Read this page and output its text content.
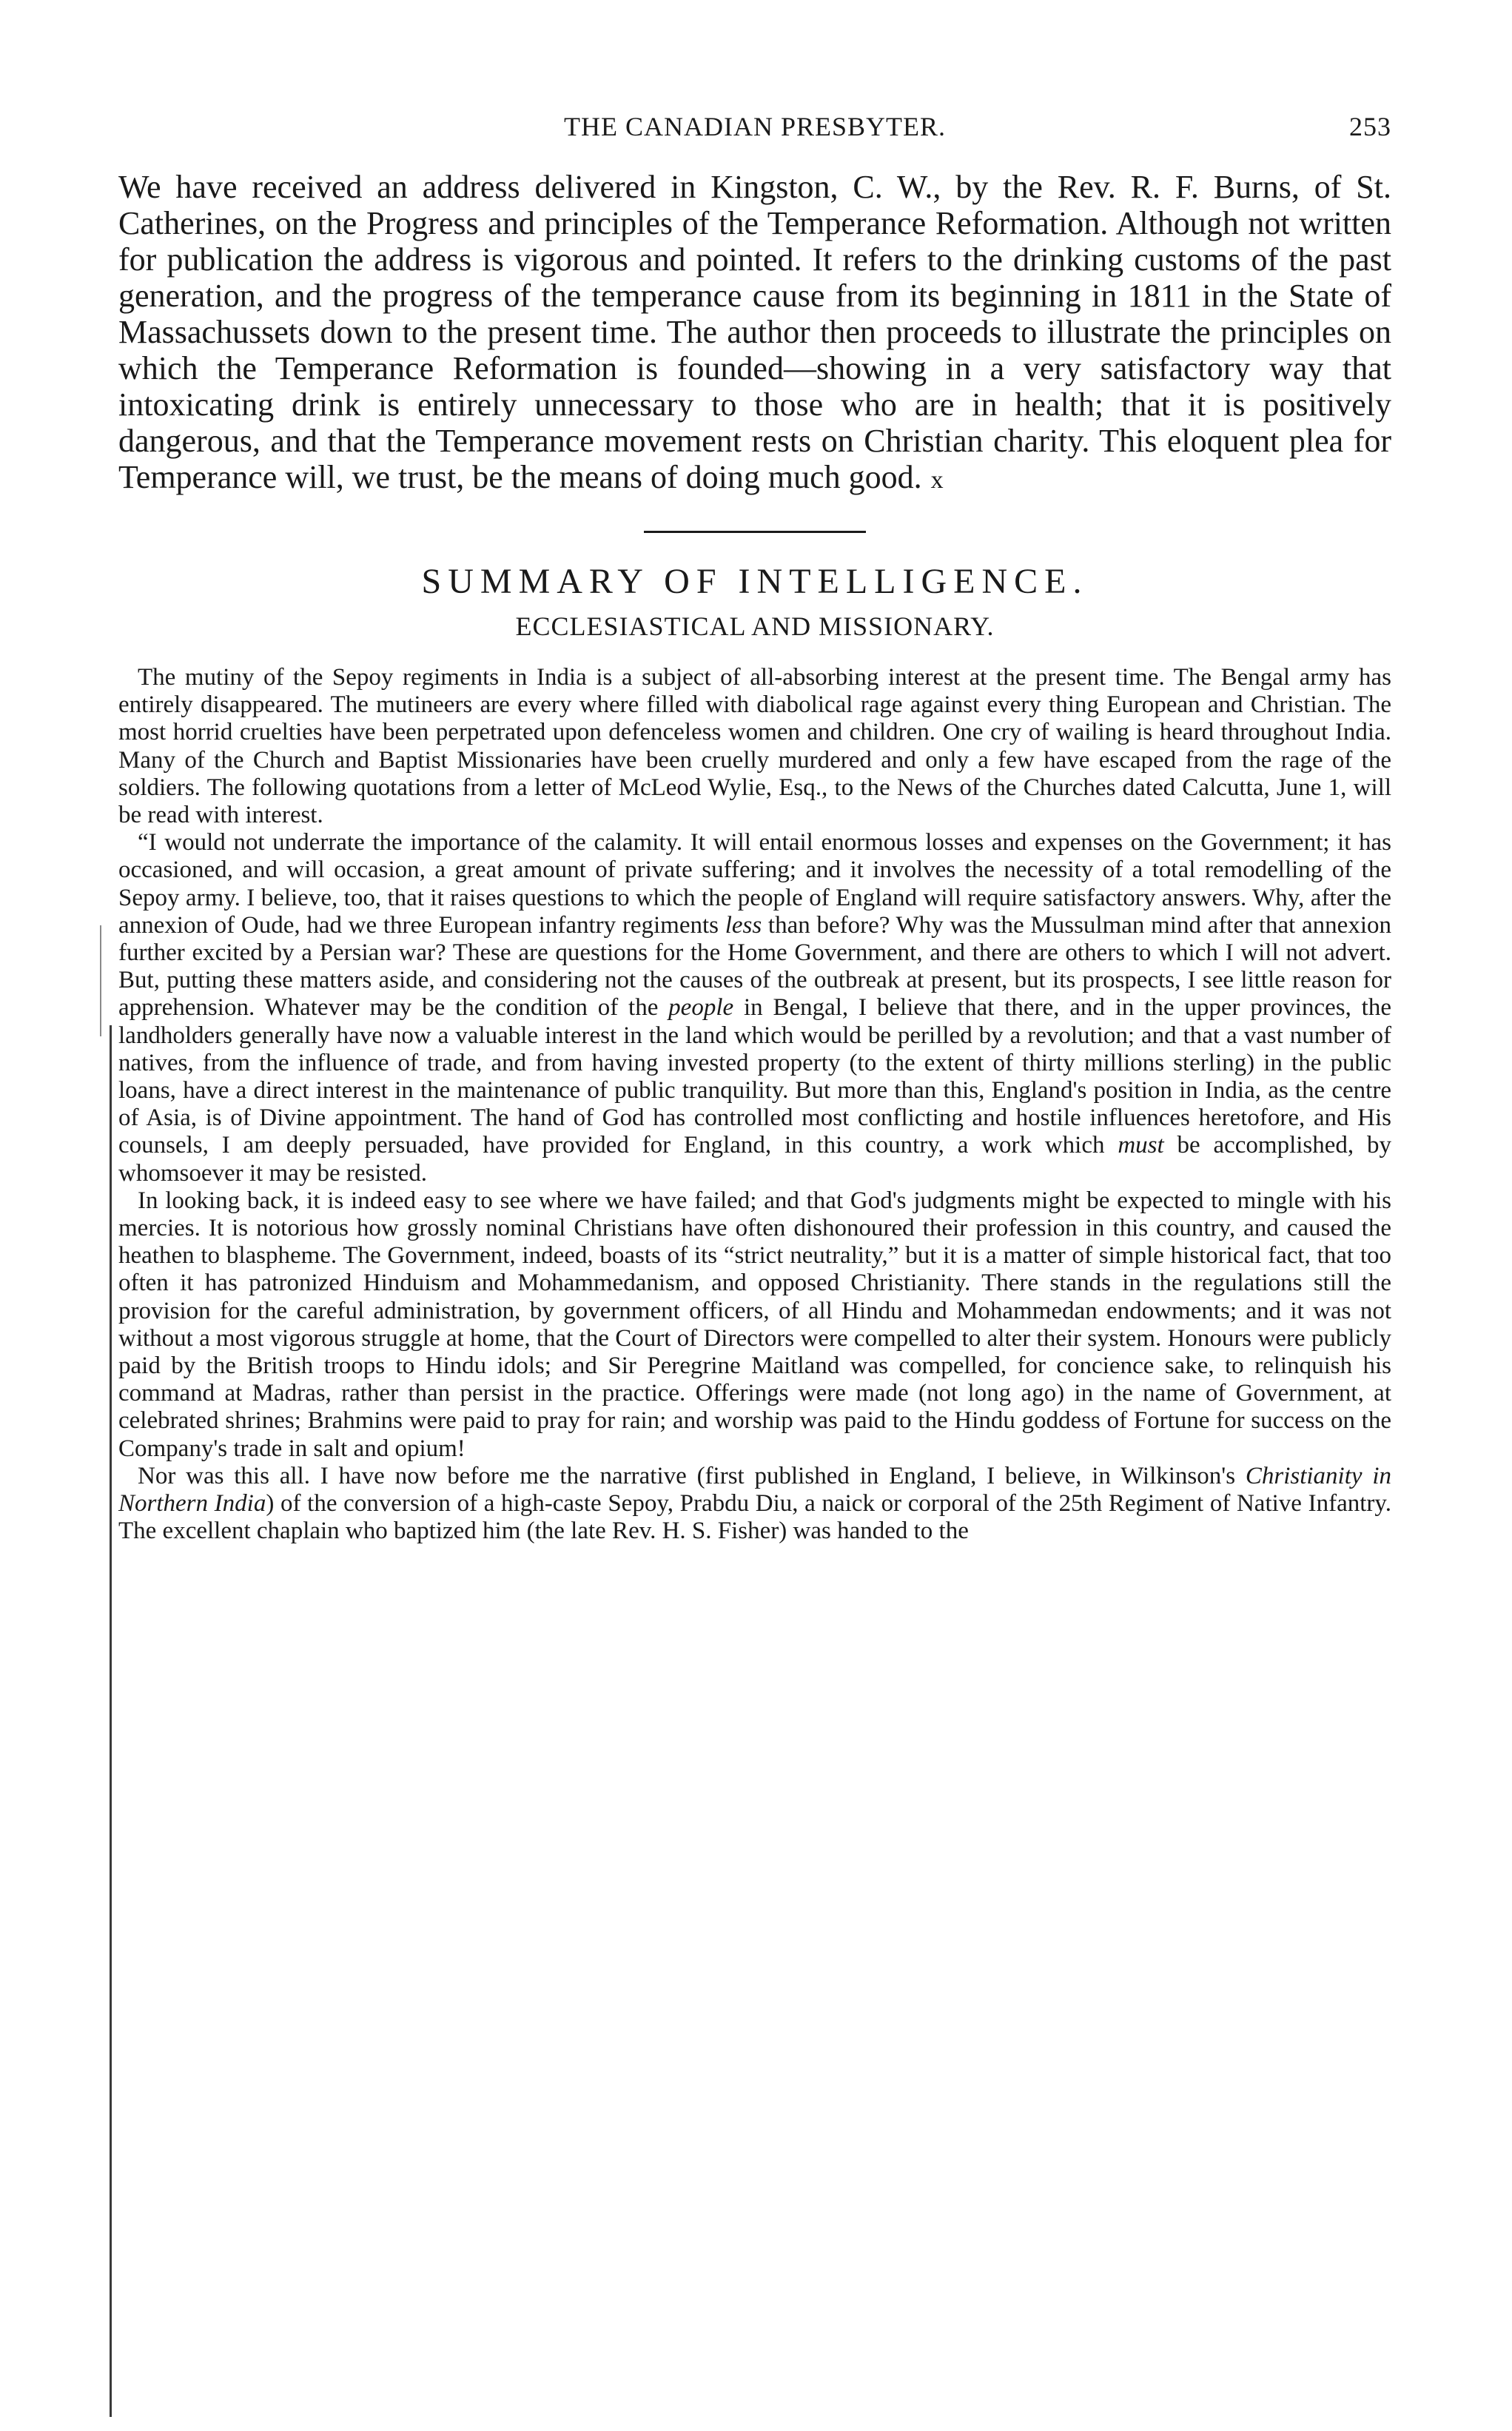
THE CANADIAN PRESBYTER.	253

We have received an address delivered in Kingston, C. W., by the Rev. R. F. Burns, of St. Catherines, on the Progress and principles of the Temperance Reformation. Although not written for publication the address is vigorous and pointed. It refers to the drinking customs of the past generation, and the progress of the temperance cause from its beginning in 1811 in the State of Massachussets down to the present time. The author then proceeds to illustrate the principles on which the Temperance Reformation is founded—showing in a very satisfactory way that intoxicating drink is entirely unnecessary to those who are in health; that it is positively dangerous, and that the Temperance movement rests on Christian charity. This eloquent plea for Temperance will, we trust, be the means of doing much good. x

SUMMARY OF INTELLIGENCE.
ECCLESIASTICAL AND MISSIONARY.

The mutiny of the Sepoy regiments in India is a subject of all-absorbing interest at the present time. The Bengal army has entirely disappeared. The mutineers are every where filled with diabolical rage against every thing European and Christian. The most horrid cruelties have been perpetrated upon defenceless women and children. One cry of wailing is heard throughout India. Many of the Church and Baptist Missionaries have been cruelly murdered and only a few have escaped from the rage of the soldiers. The following quotations from a letter of McLeod Wylie, Esq., to the News of the Churches dated Calcutta, June 1, will be read with interest.

“I would not underrate the importance of the calamity. It will entail enormous losses and expenses on the Government; it has occasioned, and will occasion, a great amount of private suffering; and it involves the necessity of a total remodelling of the Sepoy army. I believe, too, that it raises questions to which the people of England will require satisfactory answers. Why, after the annexion of Oude, had we three European infantry regiments less than before? Why was the Mussulman mind after that annexion further excited by a Persian war? These are questions for the Home Government, and there are others to which I will not advert. But, putting these matters aside, and considering not the causes of the outbreak at present, but its prospects, I see little reason for apprehension. Whatever may be the condition of the people in Bengal, I believe that there, and in the upper provinces, the landholders generally have now a valuable interest in the land which would be perilled by a revolution; and that a vast number of natives, from the influence of trade, and from having invested property (to the extent of thirty millions sterling) in the public loans, have a direct interest in the maintenance of public tranquility. But more than this, England's position in India, as the centre of Asia, is of Divine appointment. The hand of God has controlled most conflicting and hostile influences heretofore, and His counsels, I am deeply persuaded, have provided for England, in this country, a work which must be accomplished, by whomsoever it may be resisted.

In looking back, it is indeed easy to see where we have failed; and that God's judgments might be expected to mingle with his mercies. It is notorious how grossly nominal Christians have often dishonoured their profession in this country, and caused the heathen to blaspheme. The Government, indeed, boasts of its “strict neutrality,” but it is a matter of simple historical fact, that too often it has patronized Hinduism and Mohammedanism, and opposed Christianity. There stands in the regulations still the provision for the careful administration, by government officers, of all Hindu and Mohammedan endowments; and it was not without a most vigorous struggle at home, that the Court of Directors were compelled to alter their system. Honours were publicly paid by the British troops to Hindu idols; and Sir Peregrine Maitland was compelled, for concience sake, to relinquish his command at Madras, rather than persist in the practice. Offerings were made (not long ago) in the name of Government, at celebrated shrines; Brahmins were paid to pray for rain; and worship was paid to the Hindu goddess of Fortune for success on the Company's trade in salt and opium!

Nor was this all. I have now before me the narrative (first published in England, I believe, in Wilkinson's Christianity in Northern India) of the conversion of a high-caste Sepoy, Prabdu Diu, a naick or corporal of the 25th Regiment of Native Infantry. The excellent chaplain who baptized him (the late Rev. H. S. Fisher) was handed to the
